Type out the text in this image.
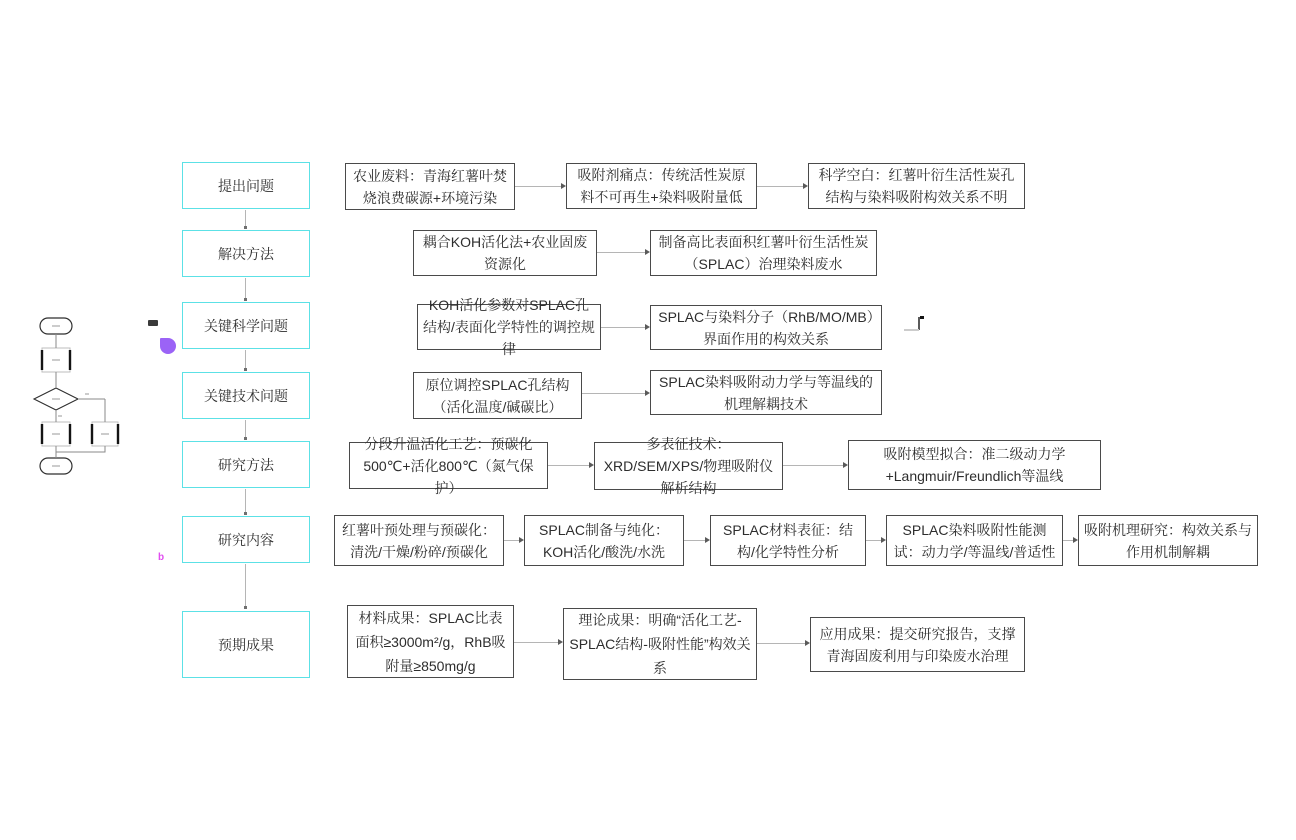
提出问题
解决方法
关键科学问题
关键技术问题
研究方法
研究内容
预期成果
农业废料：青海红薯叶焚烧浪费碳源+环境污染
吸附剂痛点：传统活性炭原料不可再生+染料吸附量低
科学空白：红薯叶衍生活性炭孔结构与染料吸附构效关系不明
耦合KOH活化法+农业固废资源化
制备高比表面积红薯叶衍生活性炭（SPLAC）治理染料废水
KOH活化参数对SPLAC孔结构/表面化学特性的调控规律
SPLAC与染料分子（RhB/MO/MB）界面作用的构效关系
原位调控SPLAC孔结构（活化温度/碱碳比）
SPLAC染料吸附动力学与等温线的机理解耦技术
分段升温活化工艺：预碳化500℃+活化800℃（氮气保护）
多表征技术：XRD/SEM/XPS/物理吸附仪解析结构
吸附模型拟合：准二级动力学+Langmuir/Freundlich等温线
红薯叶预处理与预碳化：清洗/干燥/粉碎/预碳化
SPLAC制备与纯化：KOH活化/酸洗/水洗
SPLAC材料表征：结构/化学特性分析
SPLAC染料吸附性能测试：动力学/等温线/普适性
吸附机理研究：构效关系与作用机制解耦
材料成果：SPLAC比表面积≥3000m²/g，RhB吸附量≥850mg/g
理论成果：明确“活化工艺-SPLAC结构-吸附性能”构效关系
应用成果：提交研究报告，支撑青海固废利用与印染废水治理
b
